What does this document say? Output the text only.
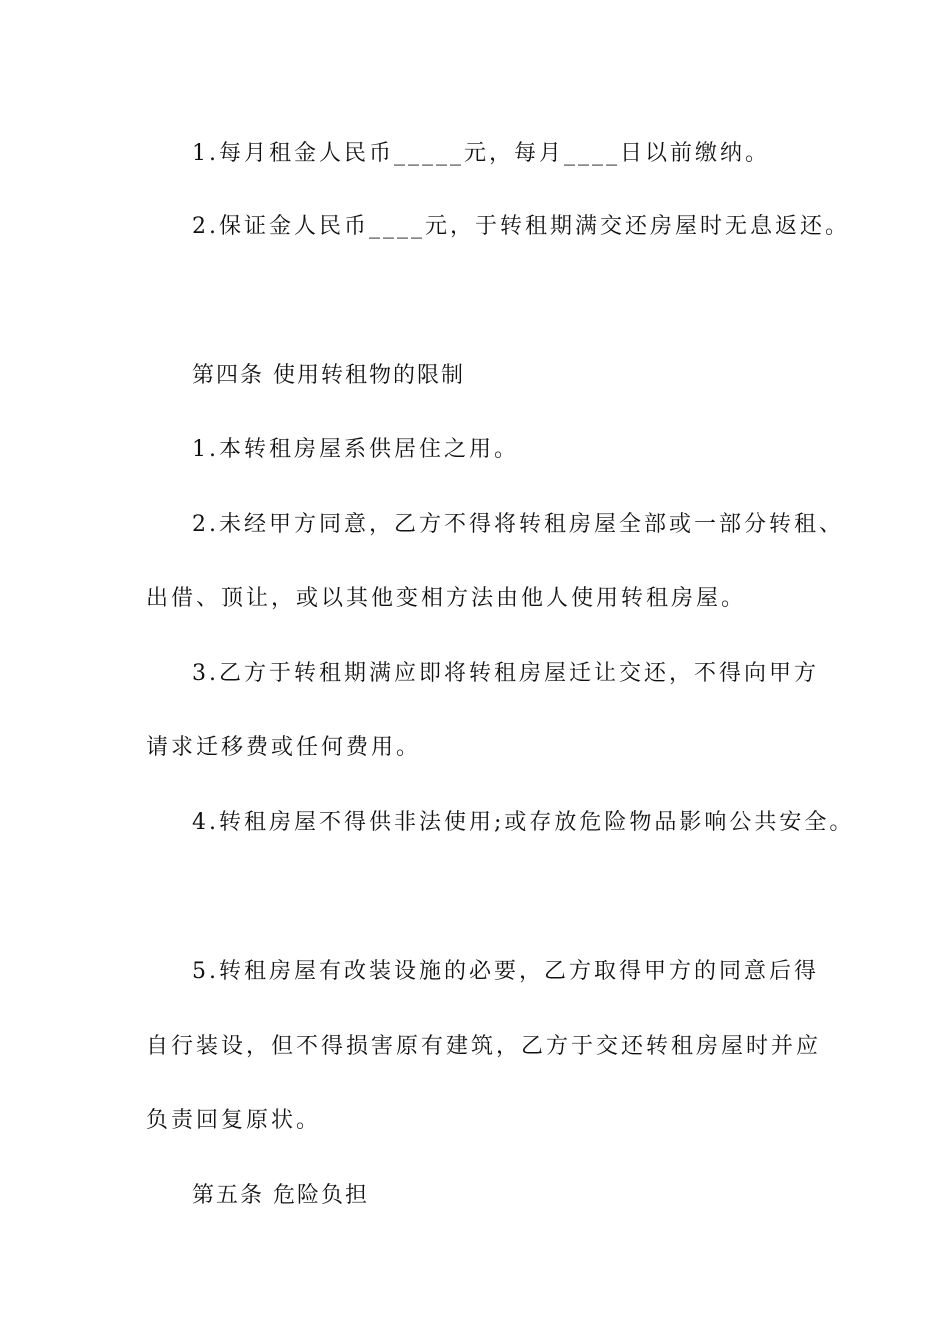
1.每月租金人民币_____元，每月____日以前缴纳。

2.保证金人民币____元，于转租期满交还房屋时无息返还。

第四条 使用转租物的限制

1.本转租房屋系供居住之用。

2.未经甲方同意，乙方不得将转租房屋全部或一部分转租、

出借、顶让，或以其他变相方法由他人使用转租房屋。

3.乙方于转租期满应即将转租房屋迁让交还，不得向甲方

请求迁移费或任何费用。

4.转租房屋不得供非法使用;或存放危险物品影响公共安全。

5.转租房屋有改装设施的必要，乙方取得甲方的同意后得

自行装设，但不得损害原有建筑，乙方于交还转租房屋时并应

负责回复原状。

第五条 危险负担
